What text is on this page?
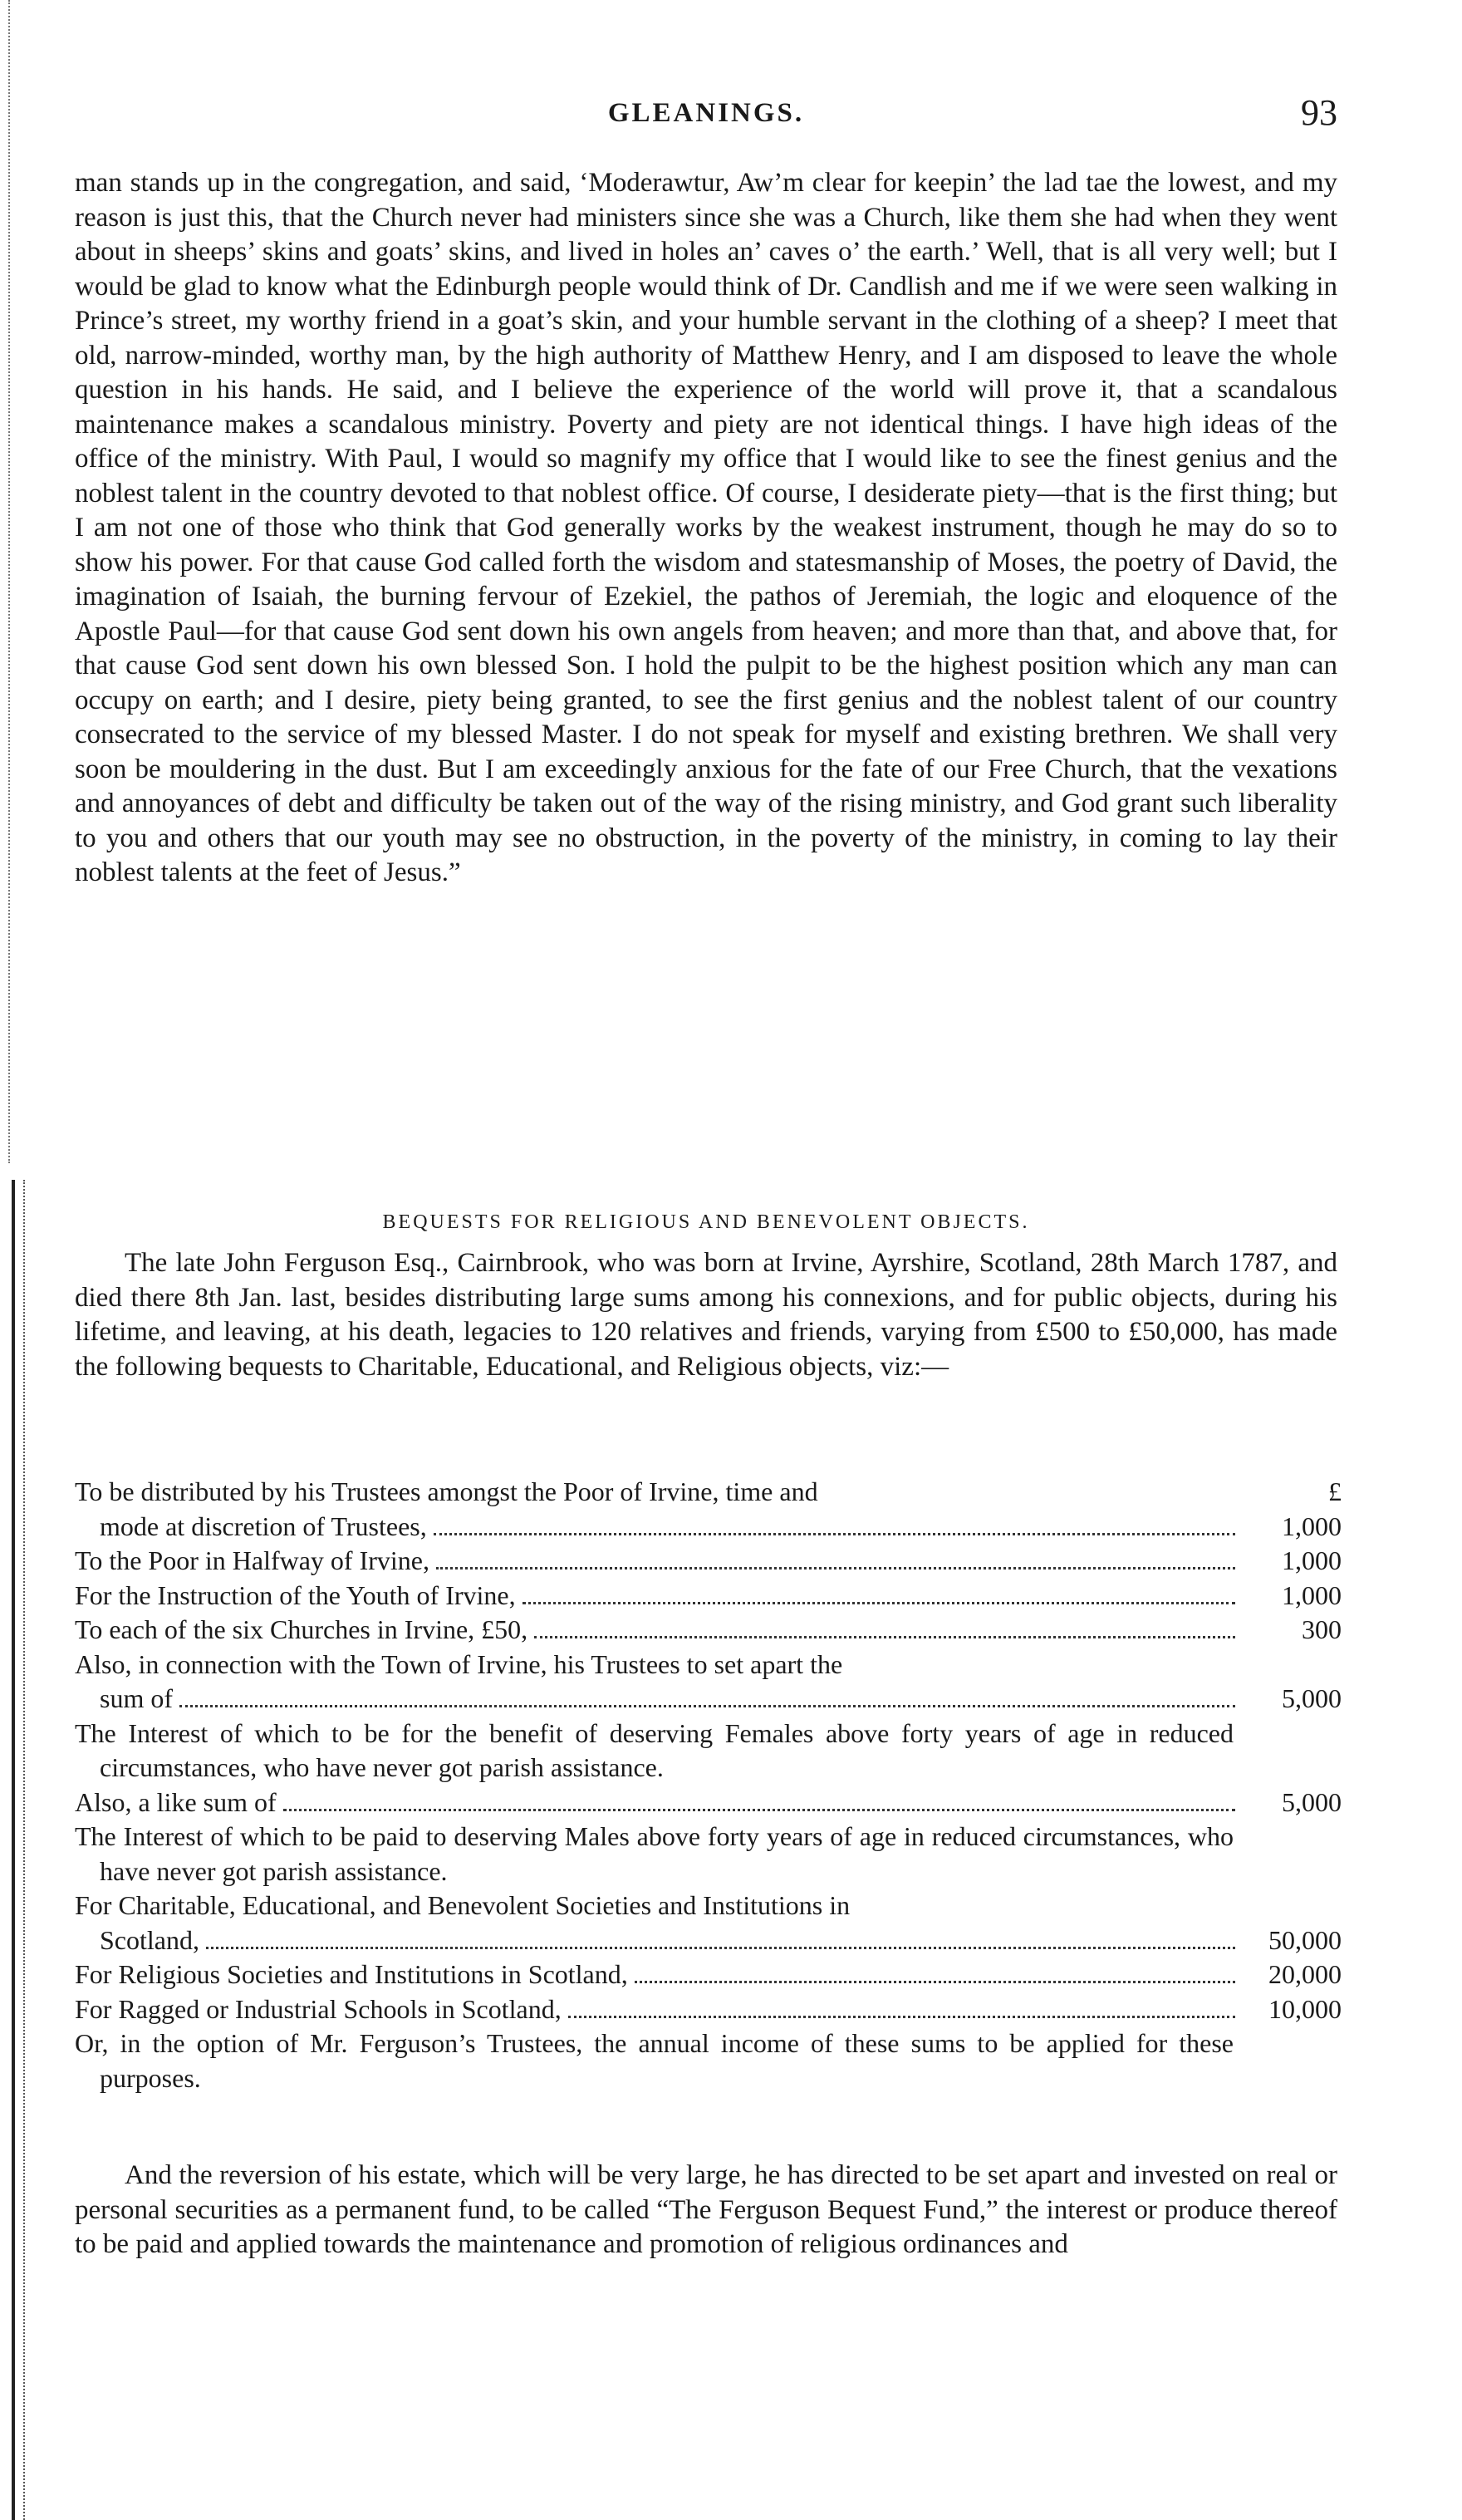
GLEANINGS.	93

man stands up in the congregation, and said, ‘Moderawtur, Aw’m clear for keepin’ the lad tae the lowest, and my reason is just this, that the Church never had ministers since she was a Church, like them she had when they went about in sheeps’ skins and goats’ skins, and lived in holes an’ caves o’ the earth.’ Well, that is all very well; but I would be glad to know what the Edinburgh people would think of Dr. Candlish and me if we were seen walking in Prince’s street, my worthy friend in a goat’s skin, and your humble servant in the clothing of a sheep? I meet that old, narrow-minded, worthy man, by the high authority of Matthew Henry, and I am disposed to leave the whole question in his hands. He said, and I believe the experience of the world will prove it, that a scandalous maintenance makes a scandalous ministry. Poverty and piety are not identical things. I have high ideas of the office of the ministry. With Paul, I would so magnify my office that I would like to see the finest genius and the noblest talent in the country devoted to that noblest office. Of course, I desiderate piety—that is the first thing; but I am not one of those who think that God generally works by the weakest instrument, though he may do so to show his power. For that cause God called forth the wisdom and statesmanship of Moses, the poetry of David, the imagination of Isaiah, the burning fervour of Ezekiel, the pathos of Jeremiah, the logic and eloquence of the Apostle Paul—for that cause God sent down his own angels from heaven; and more than that, and above that, for that cause God sent down his own blessed Son. I hold the pulpit to be the highest position which any man can occupy on earth; and I desire, piety being granted, to see the first genius and the noblest talent of our country consecrated to the service of my blessed Master. I do not speak for myself and existing brethren. We shall very soon be mouldering in the dust. But I am exceedingly anxious for the fate of our Free Church, that the vexations and annoyances of debt and difficulty be taken out of the way of the rising ministry, and God grant such liberality to you and others that our youth may see no obstruction, in the poverty of the ministry, in coming to lay their noblest talents at the feet of Jesus.”

BEQUESTS FOR RELIGIOUS AND BENEVOLENT OBJECTS.
The late John Ferguson Esq., Cairnbrook, who was born at Irvine, Ayrshire, Scotland, 28th March 1787, and died there 8th Jan. last, besides distributing large sums among his connexions, and for public objects, during his lifetime, and leaving, at his death, legacies to 120 relatives and friends, varying from £500 to £50,000, has made the following bequests to Charitable, Educational, and Religious objects, viz:—
To be distributed by his Trustees amongst the Poor of Irvine, time and	£
mode at discretion of Trustees,	1,000
To the Poor in Halfway of Irvine,	1,000
For the Instruction of the Youth of Irvine,	1,000
To each of the six Churches in Irvine, £50,	300
Also, in connection with the Town of Irvine, his Trustees to set apart the
sum of	5,000
The Interest of which to be for the benefit of deserving Females above forty years of age in reduced circumstances, who have never got parish assistance.
Also, a like sum of	5,000
The Interest of which to be paid to deserving Males above forty years of age in reduced circumstances, who have never got parish assistance.
For Charitable, Educational, and Benevolent Societies and Institutions in
Scotland,	50,000
For Religious Societies and Institutions in Scotland,	20,000
For Ragged or Industrial Schools in Scotland,	10,000
Or, in the option of Mr. Ferguson’s Trustees, the annual income of these sums to be applied for these purposes.
And the reversion of his estate, which will be very large, he has directed to be set apart and invested on real or personal securities as a permanent fund, to be called “The Ferguson Bequest Fund,” the interest or produce thereof to be paid and applied towards the maintenance and promotion of religious ordinances and
